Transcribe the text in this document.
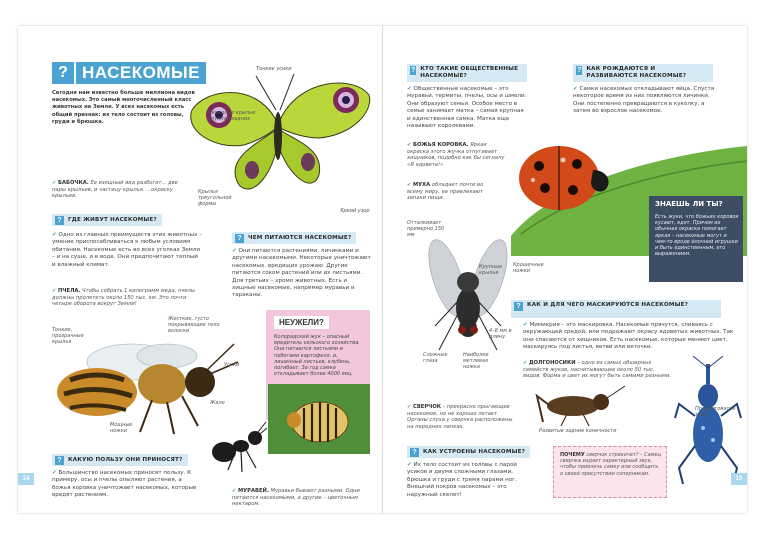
? НАСЕКОМЫЕ
Сегодня нам известно больше миллиона видов насекомых. Это самый многочисленный класс животных на Земле. У всех насекомых есть общий признак: их тело состоит из головы, груди и брюшка.
Тонкие усики
Передние крылья крупнее задних
Крылья треугольной формы
Яркий узор
✔ БАБОЧКА. Ее изящный вид разбогат... две пары крыльев, и частицу крылья. ...окраску крыльев.
?	ГДЕ ЖИВУТ НАСЕКОМЫЕ?
✔ Одно из главных преимуществ этих животных – умение приспосабливаться к любым условиям обитания. Насекомые есть во всех уголках Земли – и на суше, и в воде. Они предпочитают теплый и влажный климат.
✔ ПЧЕЛА. Чтобы собрать 1 килограмм меда, пчелы должны пролететь около 150 тыс. км. Это почти четыре оборота вокруг Земли!
Тонкие, прозрачные крылья
Жесткие, густо покрывающие тело волоски
Усики
Мощные ножки
Жало
?	ЧЕМ ПИТАЮТСЯ НАСЕКОМЫЕ?
✔ Они питаются растениями, личинками и другими насекомыми. Некоторые уничтожают насекомых, вредящих урожаю. Другие питаются соком растений или их листьями. Для третьих – хромо животных. Есть и хищные насекомые, например муравьи и тараканы.
НЕУЖЕЛИ?
Колорадский жук – опасный вредитель сельского хозяйства. Они питаются листьями и побегами картофеля, и, лишенный листьев, клубень, погибает. За год самка откладывает более 4000 яиц.
?	КАКУЮ ПОЛЬЗУ ОНИ ПРИНОСЯТ?
✔ Большинство насекомых приносят пользу. К примеру, осы и пчелы опыляют растения, а божья коровка уничтожает насекомых, которые вредят растениям.
✔ МУРАВЕЙ. Муравьи бывают разными. Одни питаются насекомыми, а другие – цветочным нектаром.
14
? КТО ТАКИЕ ОБЩЕСТВЕННЫЕ НАСЕКОМЫЕ?
✔ Общественные насекомые – это муравьи, термиты, пчелы, осы и шмели. Они образуют семьи. Особое место в семье занимает матка – самая крупная и единственная самка. Матка еще называют королевами.
? КАК РОЖДАЮТСЯ И РАЗВИВАЮТСЯ НАСЕКОМЫЕ?
✔ Самки насекомых откладывают яйца. Спустя некоторое время из них появляются личинки. Они постепенно превращаются в куколку, а затем во взрослое насекомое.
✔ БОЖЬЯ КОРОВКА. Яркая окраска этого жучка отпугивает хищников, подобно как бы сигналу «Я ядовита!»
✔ МУХА обладает почти во всему миру, ее привлекают запахи пищи.
ЗНАЕШЬ ЛИ ТЫ?
Есть жуки, что божьих коровок кусают, едят. Причем их обычная окраска помогает яркая – насекомые могут и чем-то вроде ёлочной игрушки и быть единственным, его выражением.
Отталкивает примерно 150 мм
Крупные крылья
4–8 мм в длину
Сложные глаза
Наиболее метлевая ножка
Крошечные ножки
?	КАК И ДЛЯ ЧЕГО МАСКИРУЮТСЯ НАСЕКОМЫЕ?
✔ Мимикрия – это маскировка. Насекомые прячутся, сливаясь с окружающей средой, или подражают окрасу ядовитых животных. Так они спасаются от хищников. Есть насекомые, которые меняют цвет, маскируясь под листья, ветви или веточки.
✔ ДОЛГОНОСИКИ – одно из самых обширных семейств жуков, насчитывающее около 50 тыс. видов. Форма и цвет их могут быть самыми разными.
Развитые задние конечности
✔ СВЕРЧОК – прекрасно прыгающее насекомое, но не хорошо летает. Органы слуха у сверчка расположены на передних лапках.
Продолговатое тело
?	КАК УСТРОЕНЫ НАСЕКОМЫЕ?
✔ Их тело состоит из головы с парой усиков и двумя сложными глазами, брюшка и груди с тремя парами ног. Внешний покров насекомых – это наружный скелет!
ПОЧЕМУ сверчок стрекочет? – Самец сверчка издает характерный звук, чтобы привлечь самку или сообщить о своей присутствии соперникам.
15
